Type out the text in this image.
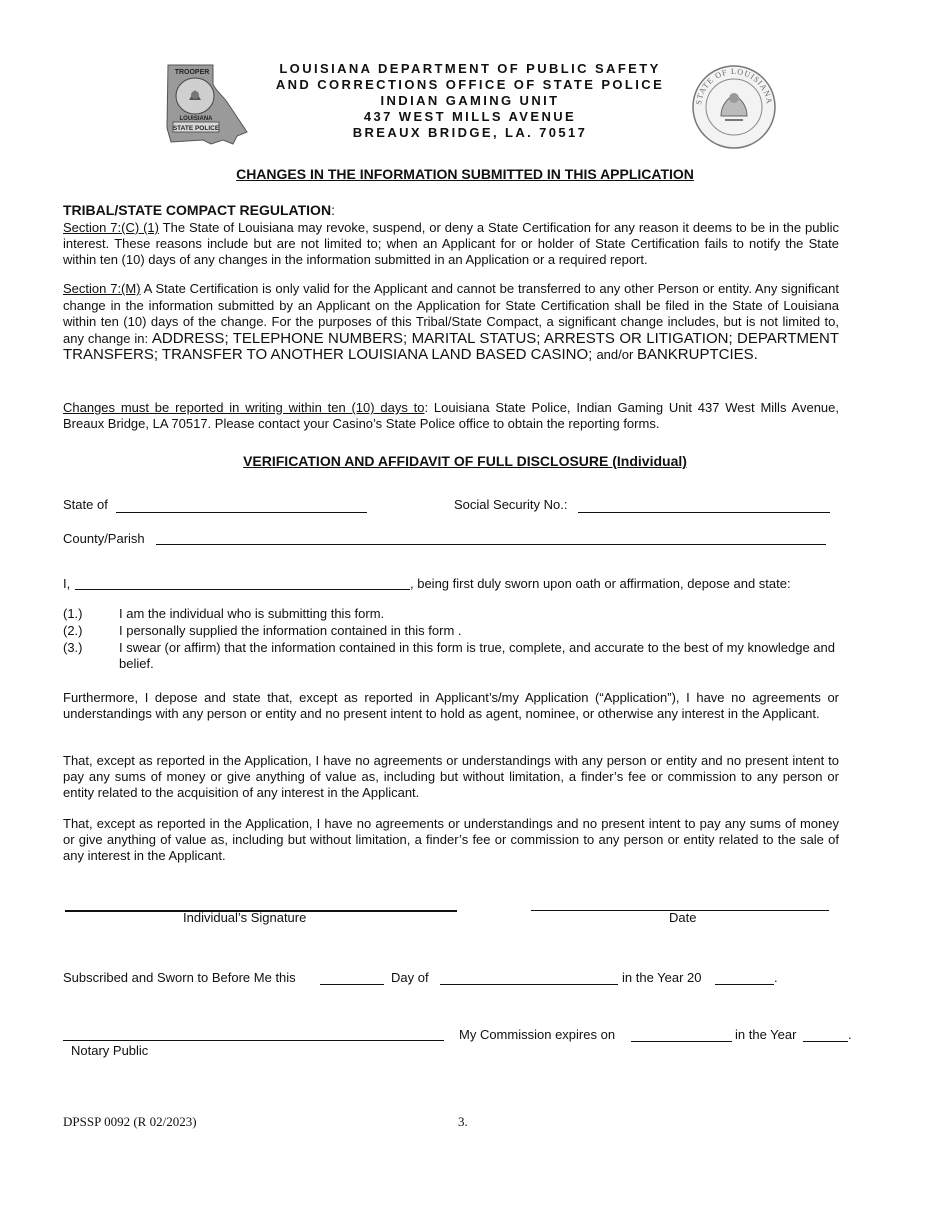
TROOPER
LOUISIANA
STATE POLICE
LOUISIANA DEPARTMENT OF PUBLIC SAFETY
AND CORRECTIONS OFFICE OF STATE POLICE
INDIAN GAMING UNIT
437 WEST MILLS AVENUE
BREAUX BRIDGE, LA. 70517
STATE OF LOUISIANA
CHANGES IN THE INFORMATION SUBMITTED IN THIS APPLICATION
TRIBAL/STATE COMPACT REGULATION:
Section 7:(C) (1) The State of Louisiana may revoke, suspend, or deny a State Certification for any reason it deems to be in the public interest. These reasons include but are not limited to; when an Applicant for or holder of State Certification fails to notify the State within ten (10) days of any changes in the information submitted in an Application or a required report.
Section 7:(M) A State Certification is only valid for the Applicant and cannot be transferred to any other Person or entity. Any significant change in the information submitted by an Applicant on the Application for State Certification shall be filed in the State of Louisiana within ten (10) days of the change. For the purposes of this Tribal/State Compact, a significant change includes, but is not limited to, any change in: ADDRESS; TELEPHONE NUMBERS; MARITAL STATUS; ARRESTS OR LITIGATION; DEPARTMENT TRANSFERS; TRANSFER TO ANOTHER LOUISIANA LAND BASED CASINO; and/or BANKRUPTCIES.
Changes must be reported in writing within ten (10) days to: Louisiana State Police, Indian Gaming Unit 437 West Mills Avenue, Breaux Bridge, LA 70517. Please contact your Casino’s State Police office to obtain the reporting forms.
VERIFICATION AND AFFIDAVIT OF FULL DISCLOSURE (Individual)
State of	Social Security No.:
County/Parish
I,	, being first duly sworn upon oath or affirmation, depose and state:
(1.)	I am the individual who is submitting this form.
(2.)	I personally supplied the information contained in this form .
(3.)	I swear (or affirm) that the information contained in this form is true, complete, and accurate to the best of my knowledge and belief.
Furthermore, I depose and state that, except as reported in Applicant’s/my Application (“Application”), I have no agreements or understandings with any person or entity and no present intent to hold as agent, nominee, or otherwise any interest in the Applicant.
That, except as reported in the Application, I have no agreements or understandings with any person or entity and no present intent to pay any sums of money or give anything of value as, including but without limitation, a finder’s fee or commission to any person or entity related to the acquisition of any interest in the Applicant.
That, except as reported in the Application, I have no agreements or understandings and no present intent to pay any sums of money or give anything of value as, including but without limitation, a finder’s fee or commission to any person or entity related to the sale of any interest in the Applicant.
Individual’s Signature	Date
Subscribed and Sworn to Before Me this	Day of	in the Year 20	.
Notary Public
My Commission expires on	in the Year	.
DPSSP 0092 (R 02/2023)	3.
